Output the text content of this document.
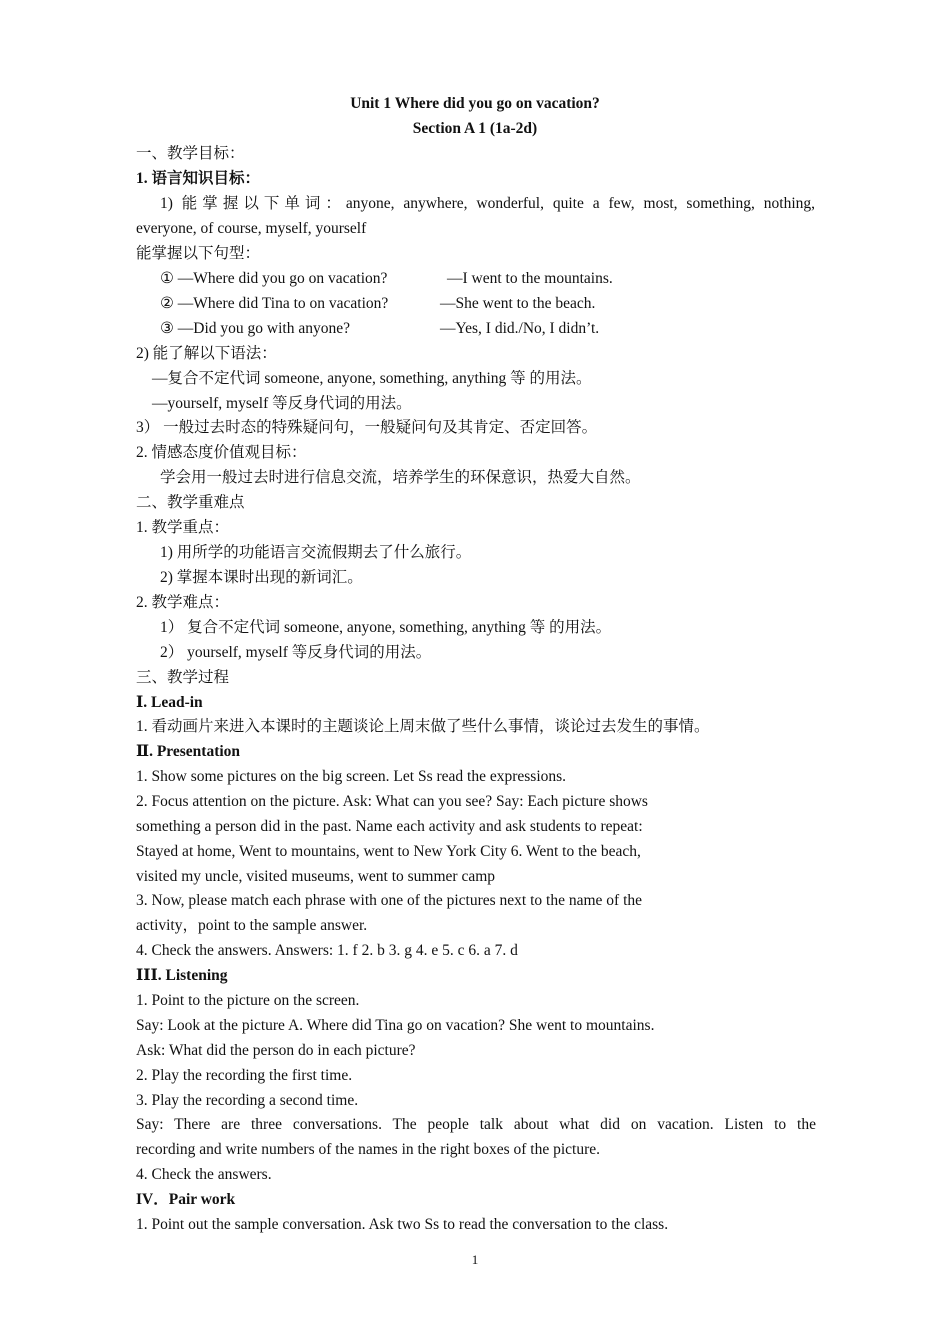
Unit 1 Where did you go on vacation?
Section A 1 (1a-2d)
一、教学目标：
1. 语言知识目标：
1) 能掌握以下单词：anyone, anywhere, wonderful, quite a few, most, something, nothing,
everyone, of course, myself, yourself
能掌握以下句型：
① —Where did you go on vacation?	—I went to the mountains.
② —Where did Tina to on vacation?	—She went to the beach.
③ —Did you go with anyone?	—Yes, I did./No, I didn’t.
2) 能了解以下语法：
—复合不定代词 someone, anyone, something, anything 等 的用法。
—yourself, myself 等反身代词的用法。
3） 一般过去时态的特殊疑问句，一般疑问句及其肯定、否定回答。
2. 情感态度价值观目标：
学会用一般过去时进行信息交流，培养学生的环保意识，热爱大自然。
二、教学重难点
1. 教学重点：
1) 用所学的功能语言交流假期去了什么旅行。
2) 掌握本课时出现的新词汇。
2. 教学难点：
1） 复合不定代词 someone, anyone, something, anything 等 的用法。
2） yourself, myself 等反身代词的用法。
三、教学过程
Ⅰ. Lead-in
1. 看动画片来进入本课时的主题谈论上周末做了些什么事情，谈论过去发生的事情。
Ⅱ. Presentation
1. Show some pictures on the big screen. Let Ss read the expressions.
2. Focus attention on the picture. Ask: What can you see? Say: Each picture shows
something a person did in the past. Name each activity and ask students to repeat:
Stayed at home, Went to mountains, went to New York City 6. Went to the beach,
visited my uncle, visited museums, went to summer camp
3. Now, please match each phrase with one of the pictures next to the name of the
activity，point to the sample answer.
4. Check the answers. Answers: 1. f 2. b 3. g 4. e 5. c 6. a 7. d
ⅠⅠⅠ. Listening
1. Point to the picture on the screen.
Say: Look at the picture A. Where did Tina go on vacation? She went to mountains.
Ask: What did the person do in each picture?
2. Play the recording the first time.
3. Play the recording a second time.
Say: There are three conversations. The people talk about what did on vacation. Listen to the
recording and write numbers of the names in the right boxes of the picture.
4. Check the answers.
IV．Pair work
1. Point out the sample conversation. Ask two Ss to read the conversation to the class.
1
